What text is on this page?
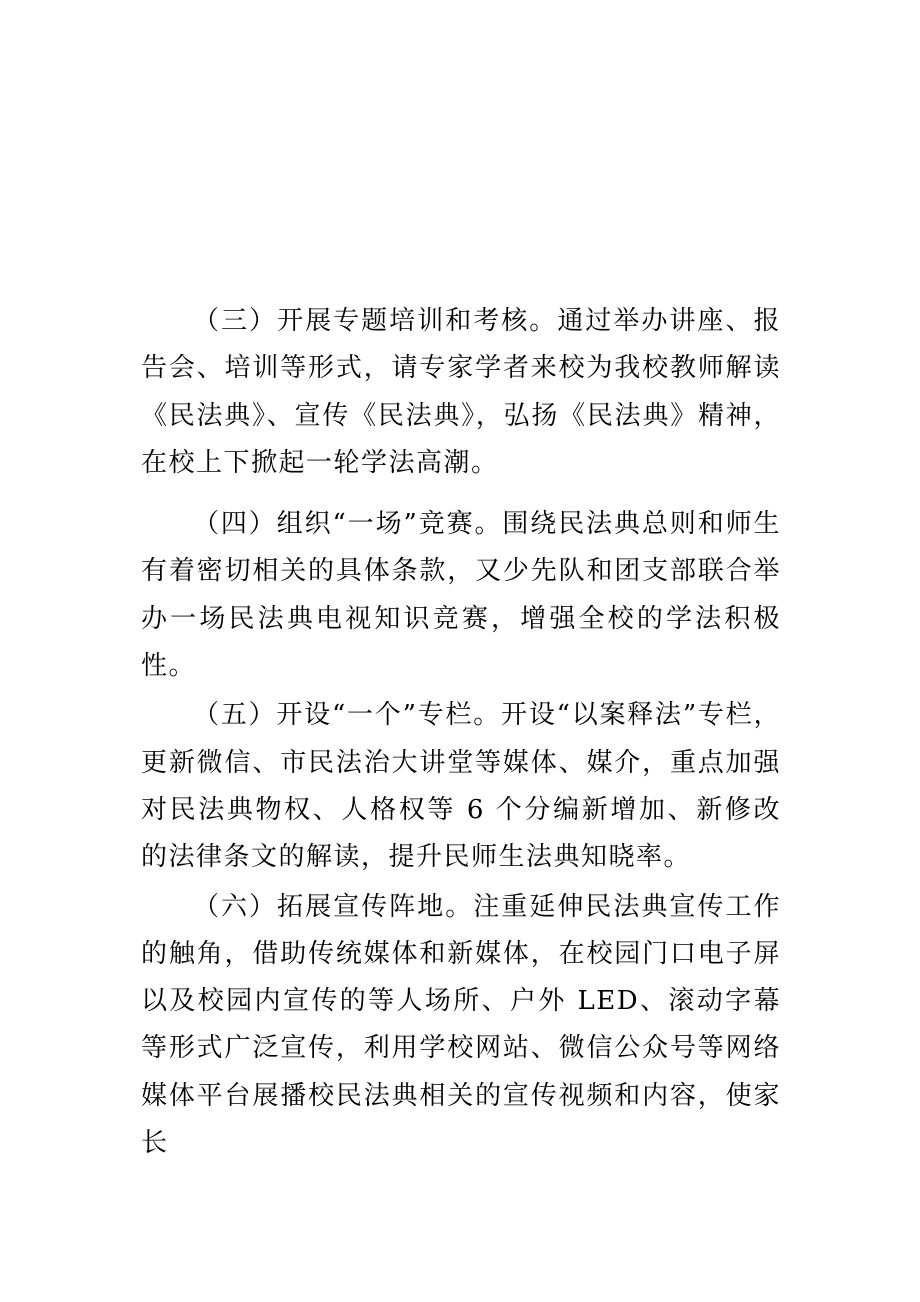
（三）开展专题培训和考核。通过举办讲座、报告会、培训等形式，请专家学者来校为我校教师解读《民法典》、宣传《民法典》，弘扬《民法典》精神，在校上下掀起一轮学法高潮。

（四）组织“一场”竞赛。围绕民法典总则和师生有着密切相关的具体条款，又少先队和团支部联合举办一场民法典电视知识竞赛，增强全校的学法积极性。

（五）开设“一个”专栏。开设“以案释法”专栏，更新微信、市民法治大讲堂等媒体、媒介，重点加强对民法典物权、人格权等 6 个分编新增加、新修改的法律条文的解读，提升民师生法典知晓率。

（六）拓展宣传阵地。注重延伸民法典宣传工作的触角，借助传统媒体和新媒体，在校园门口电子屏以及校园内宣传的等人场所、户外 LED、滚动字幕等形式广泛宣传，利用学校网站、微信公众号等网络媒体平台展播校民法典相关的宣传视频和内容，使家长
